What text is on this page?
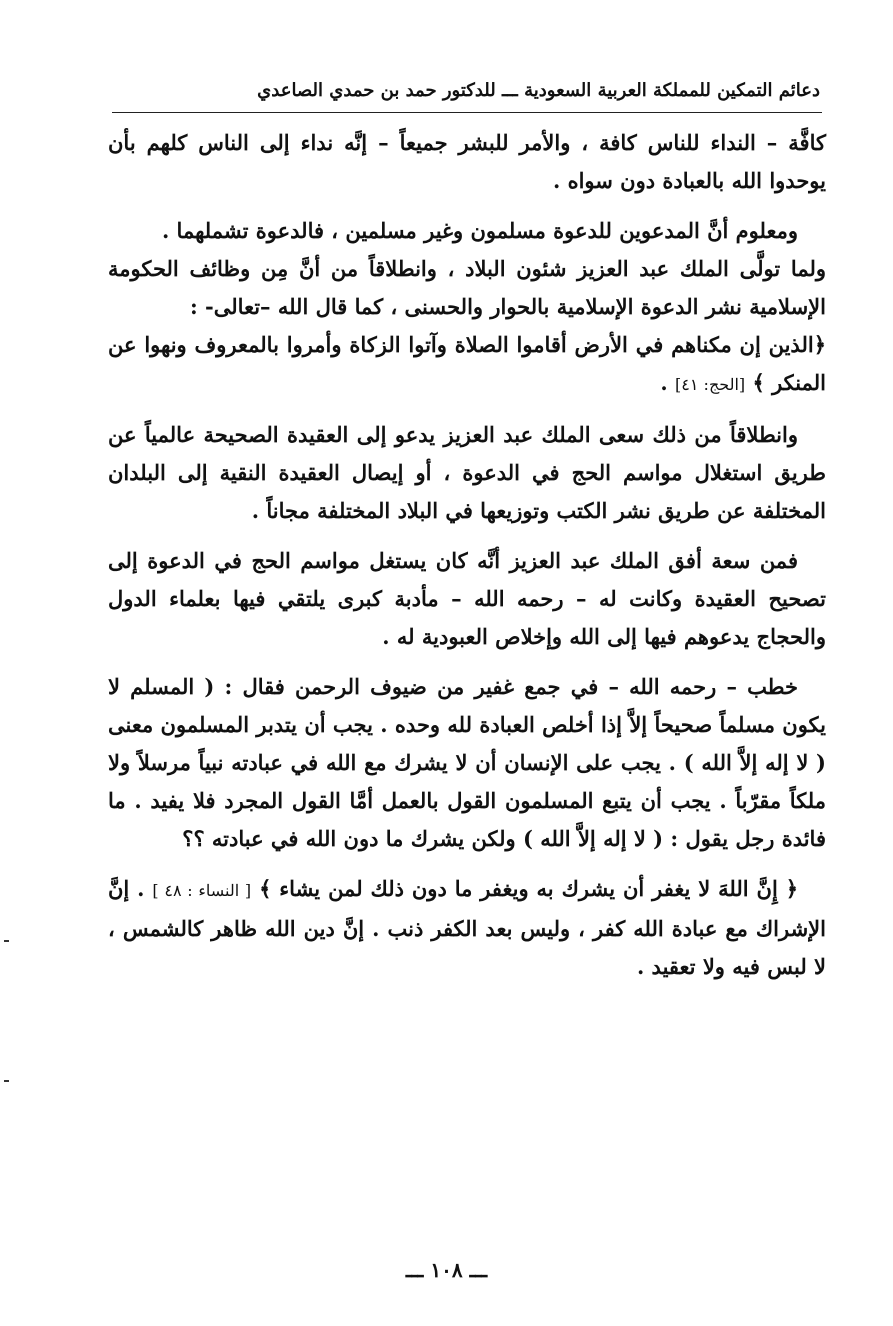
دعائم التمكين للمملكة العربية السعودية ـــ للدكتور حمد بن حمدي الصاعدي

كافَّة – النداء للناس كافة ، والأمر للبشر جميعاً – إنَّه نداء إلى الناس كلهم بأن يوحدوا الله بالعبادة دون سواه .

ومعلوم أنَّ المدعوين للدعوة مسلمون وغير مسلمين ، فالدعوة تشملهما .
ولما تولَّى الملك عبد العزيز شئون البلاد ، وانطلاقاً من أنَّ مِن وظائف الحكومة الإسلامية نشر الدعوة الإسلامية بالحوار والحسنى ، كما قال الله –تعالى- :
﴿الذين إن مكناهم في الأرض أقاموا الصلاة وآتوا الزكاة وأمروا بالمعروف ونهوا عن المنكر ﴾ [الحج: ٤١] .

وانطلاقاً من ذلك سعى الملك عبد العزيز يدعو إلى العقيدة الصحيحة عالمياً عن طريق استغلال مواسم الحج في الدعوة ، أو إيصال العقيدة النقية إلى البلدان المختلفة عن طريق نشر الكتب وتوزيعها في البلاد المختلفة مجاناً .

فمن سعة أفق الملك عبد العزيز أنَّه كان يستغل مواسم الحج في الدعوة إلى تصحيح العقيدة وكانت له – رحمه الله – مأدبة كبرى يلتقي فيها بعلماء الدول والحجاج يدعوهم فيها إلى الله وإخلاص العبودية له .

خطب – رحمه الله – في جمع غفير من ضيوف الرحمن فقال : ( المسلم لا يكون مسلماً صحيحاً إلاَّ إذا أخلص العبادة لله وحده . يجب أن يتدبر المسلمون معنى ( لا إله إلاَّ الله ) . يجب على الإنسان أن لا يشرك مع الله في عبادته نبياً مرسلاً ولا ملكاً مقرّباً . يجب أن يتبع المسلمون القول بالعمل أمَّا القول المجرد فلا يفيد . ما فائدة رجل يقول : ( لا إله إلاَّ الله ) ولكن يشرك ما دون الله في عبادته ؟؟

﴿ إِنَّ اللهَ لا يغفر أن يشرك به ويغفر ما دون ذلك لمن يشاء ﴾ [ النساء : ٤٨ ] . إنَّ الإشراك مع عبادة الله كفر ، وليس بعد الكفر ذنب . إنَّ دين الله ظاهر كالشمس ، لا لبس فيه ولا تعقيد .

ـــ ١٠٨ ـــ
